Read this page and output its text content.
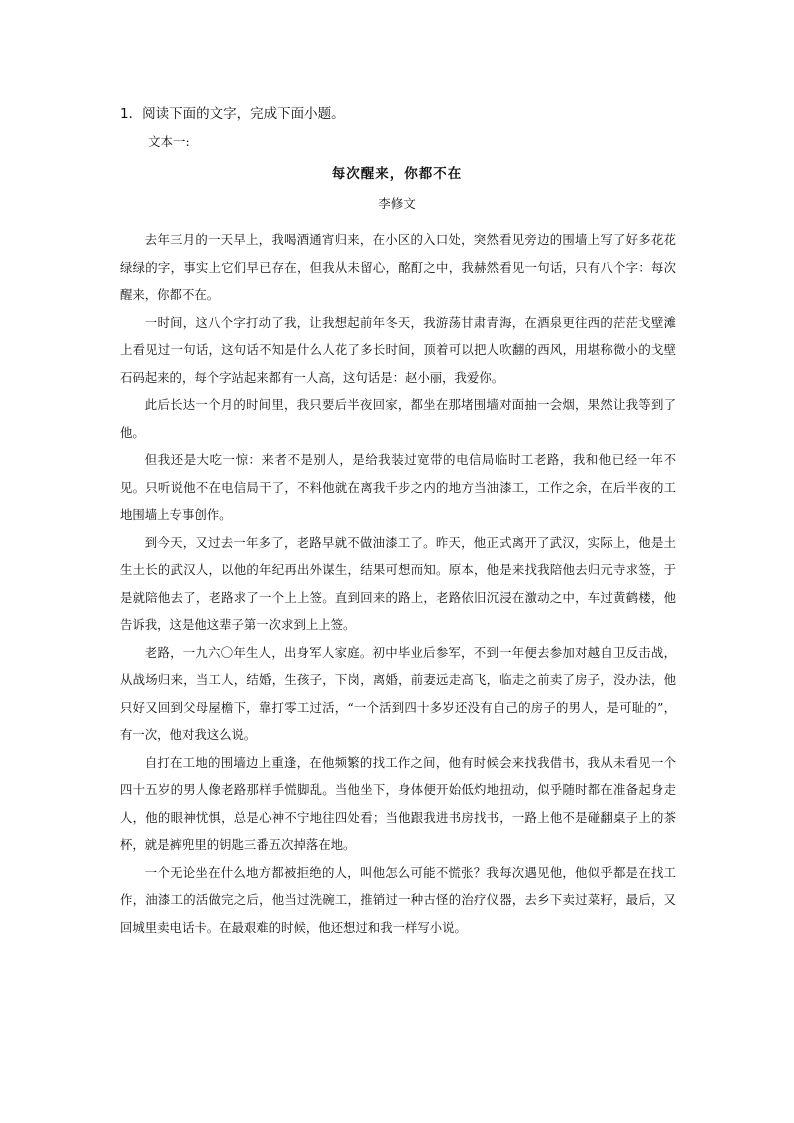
1．阅读下面的文字，完成下面小题。
文本一:
每次醒来，你都不在
李修文

去年三月的一天早上，我喝酒通宵归来，在小区的入口处，突然看见旁边的围墙上写了好多花花绿绿的字，事实上它们早已存在，但我从未留心，酩酊之中，我赫然看见一句话，只有八个字：每次醒来，你都不在。

一时间，这八个字打动了我，让我想起前年冬天，我游荡甘肃青海，在酒泉更往西的茫茫戈壁滩上看见过一句话，这句话不知是什么人花了多长时间，顶着可以把人吹翻的西风，用堪称微小的戈壁石码起来的，每个字站起来都有一人高，这句话是：赵小丽，我爱你。

此后长达一个月的时间里，我只要后半夜回家，都坐在那堵围墙对面抽一会烟，果然让我等到了他。

但我还是大吃一惊：来者不是别人，是给我装过宽带的电信局临时工老路，我和他已经一年不见。只听说他不在电信局干了，不料他就在离我千步之内的地方当油漆工，工作之余，在后半夜的工地围墙上专事创作。

到今天，又过去一年多了，老路早就不做油漆工了。昨天，他正式离开了武汉，实际上，他是土生土长的武汉人，以他的年纪再出外谋生，结果可想而知。原本，他是来找我陪他去归元寺求签，于是就陪他去了，老路求了一个上上签。直到回来的路上，老路依旧沉浸在激动之中，车过黄鹤楼，他告诉我，这是他这辈子第一次求到上上签。

老路，一九六〇年生人，出身军人家庭。初中毕业后参军，不到一年便去参加对越自卫反击战，从战场归来，当工人，结婚，生孩子，下岗，离婚，前妻远走高飞，临走之前卖了房子，没办法，他只好又回到父母屋檐下，靠打零工过活，“一个活到四十多岁还没有自己的房子的男人，是可耻的”，有一次，他对我这么说。

自打在工地的围墙边上重逢，在他频繁的找工作之间，他有时候会来找我借书，我从未看见一个四十五岁的男人像老路那样手慌脚乱。当他坐下，身体便开始低灼地扭动，似乎随时都在准备起身走人，他的眼神忧惧，总是心神不宁地往四处看；当他跟我进书房找书，一路上他不是碰翻桌子上的茶杯，就是裤兜里的钥匙三番五次掉落在地。

一个无论坐在什么地方都被拒绝的人，叫他怎么可能不慌张？我每次遇见他，他似乎都是在找工作，油漆工的活做完之后，他当过洗碗工，推销过一种古怪的治疗仪器，去乡下卖过菜籽，最后，又回城里卖电话卡。在最艰难的时候，他还想过和我一样写小说。
